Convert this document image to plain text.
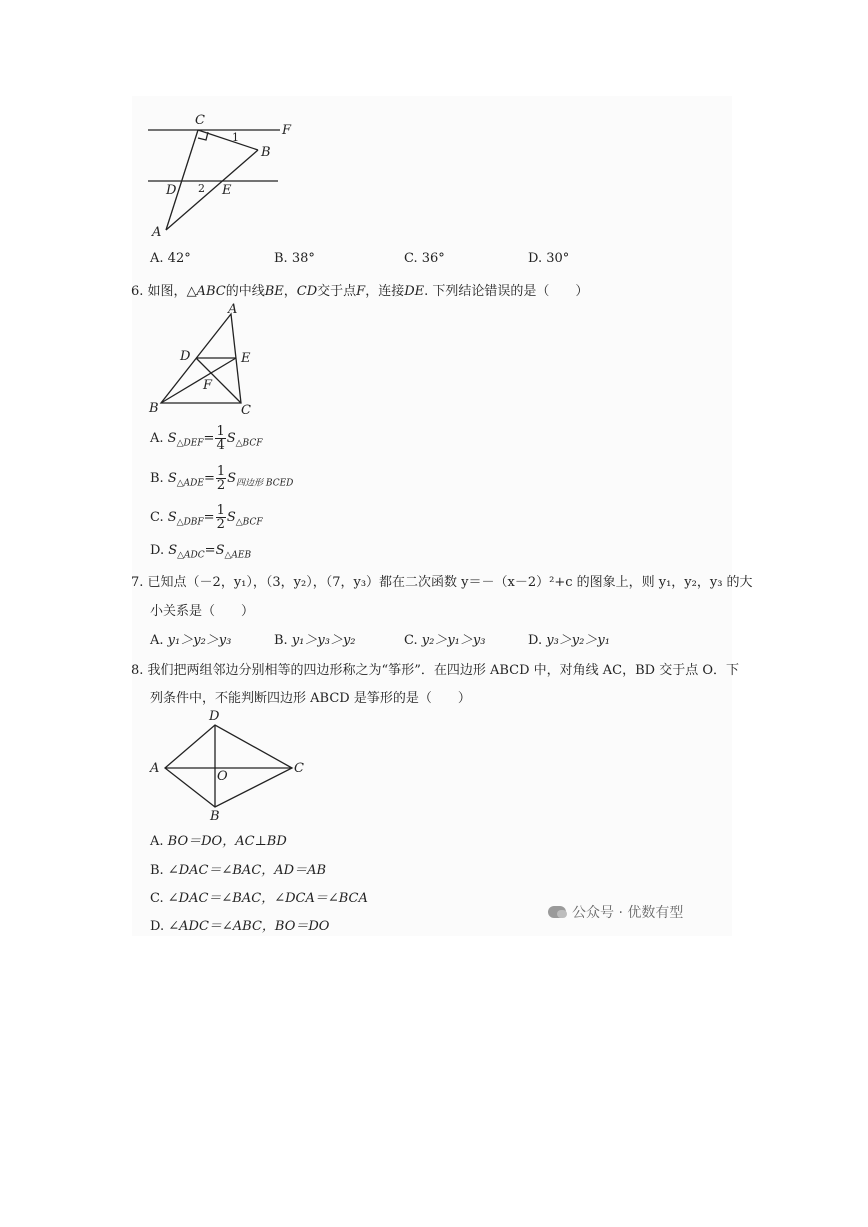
C
F
1
B
D 2 E
A
A. 42°	B. 38°	C. 36°	D. 30°
6. 如图，△ABC的中线BE，CD交于点F，连接DE. 下列结论错误的是（　　）
A
D	E
F
B	C
A. $S_{\triangle DEF}= \frac{1}{4} S_{\triangle BCF}$
B. $S_{\triangle ADE}= \frac{1}{2} S_{四边形 BCED}$
C. $S_{\triangle DBF}= \frac{1}{2} S_{\triangle BCF}$
D. $S_{\triangle ADC}=S_{\triangle AEB}$
7. 已知点（－2，y₁），（3，y₂），（7，y₃）都在二次函数 y＝－（x－2）²+c 的图象上，则 y₁，y₂，y₃ 的大
小关系是（　　）
A. y₁＞y₂＞y₃	B. y₁＞y₃＞y₂	C. y₂＞y₁＞y₃	D. y₃＞y₂＞y₁
8. 我们把两组邻边分别相等的四边形称之为“筝形”．在四边形 ABCD 中，对角线 AC，BD 交于点 O．下
列条件中，不能判断四边形 ABCD 是筝形的是（　　）
D
A
O
C
B
A. BO＝DO，AC⊥BD
B. ∠DAC＝∠BAC，AD＝AB
C. ∠DAC＝∠BAC，∠DCA＝∠BCA
D. ∠ADC＝∠ABC，BO＝DO
公众号 · 优数有型
